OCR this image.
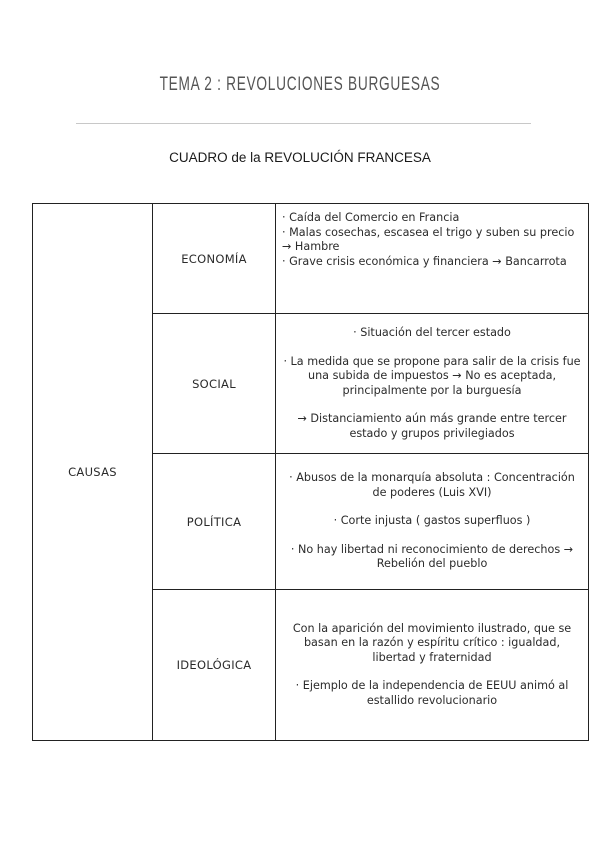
TEMA 2 : REVOLUCIONES BURGUESAS
CUADRO de la REVOLUCIÓN FRANCESA
CAUSAS	ECONOMÍA	· Caída del Comercio en Francia
· Malas cosechas, escasea el trigo y suben su precio → Hambre
· Grave crisis económica y financiera → Bancarrota

	SOCIAL	· Situación del tercer estado

· La medida que se propone para salir de la crisis fue una subida de impuestos → No es aceptada, principalmente por la burguesía

→ Distanciamiento aún más grande entre tercer estado y grupos privilegiados

	POLÍTICA	· Abusos de la monarquía absoluta : Concentración de poderes (Luis XVI)

· Corte injusta ( gastos superfluos )

· No hay libertad ni reconocimiento de derechos → Rebelión del pueblo

	IDEOLÓGICA	Con la aparición del movimiento ilustrado, que se basan en la razón y espíritu crítico : igualdad, libertad y fraternidad

· Ejemplo de la independencia de EEUU animó al estallido revolucionario
